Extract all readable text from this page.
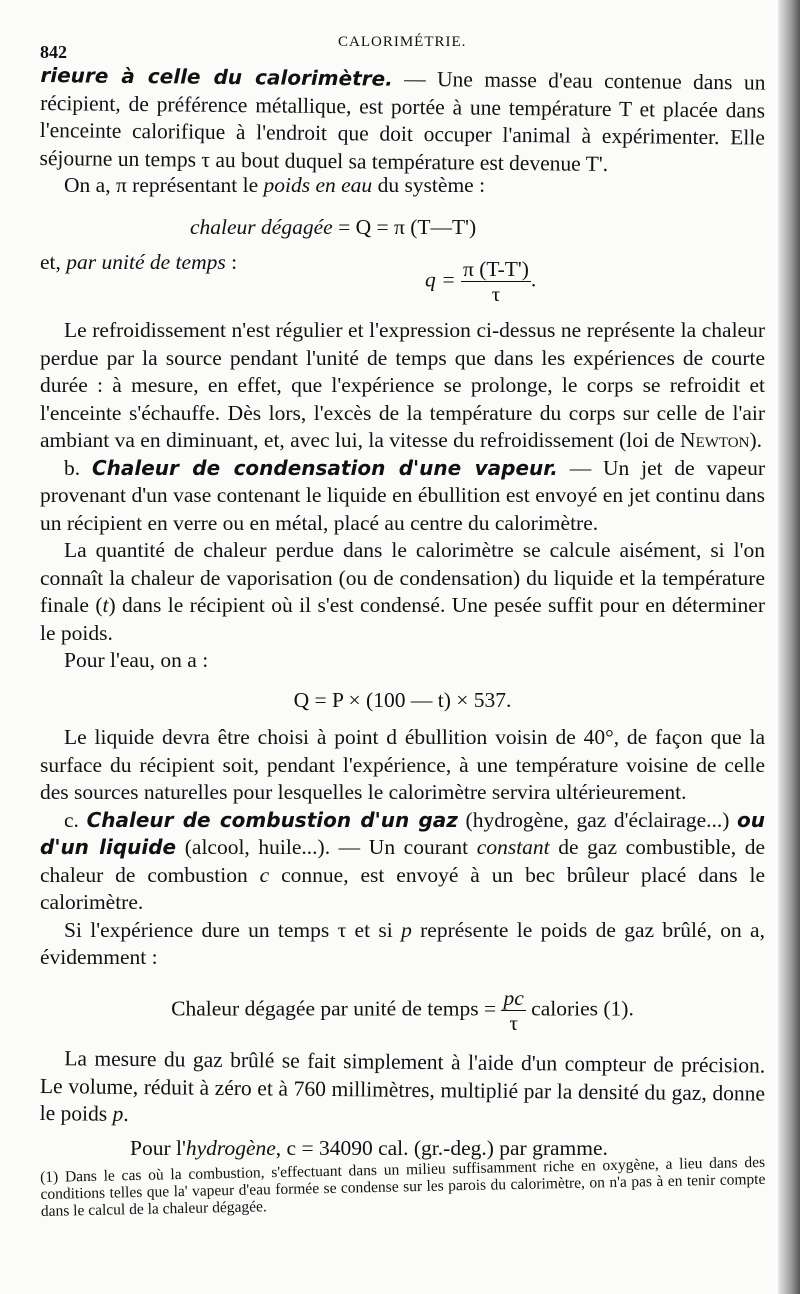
842	CALORIMÉTRIE.

rieure à celle du calorimètre. — Une masse d'eau contenue dans un récipient, de préférence métallique, est portée à une température T et placée dans l'enceinte calorifique à l'endroit que doit occuper l'animal à expérimenter. Elle séjourne un temps τ au bout duquel sa température est devenue T'.

On a, π représentant le poids en eau du système :

chaleur dégagée = Q = π (T—T')
et, par unité de temps :
$q = \frac{\pi (T-T')}{\tau}$ .

Le refroidissement n'est régulier et l'expression ci-dessus ne représente la chaleur perdue par la source pendant l'unité de temps que dans les expériences de courte durée : à mesure, en effet, que l'expérience se prolonge, le corps se refroidit et l'enceinte s'échauffe. Dès lors, l'excès de la température du corps sur celle de l'air ambiant va en diminuant, et, avec lui, la vitesse du refroidissement (loi de Newton).

b. Chaleur de condensation d'une vapeur. — Un jet de vapeur provenant d'un vase contenant le liquide en ébullition est envoyé en jet continu dans un récipient en verre ou en métal, placé au centre du calorimètre.

La quantité de chaleur perdue dans le calorimètre se calcule aisément, si l'on connaît la chaleur de vaporisation (ou de condensation) du liquide et la température finale (t) dans le récipient où il s'est condensé. Une pesée suffit pour en déterminer le poids.

Pour l'eau, on a :

Q = P × (100 — t) × 537.

Le liquide devra être choisi à point d ébullition voisin de 40°, de façon que la surface du récipient soit, pendant l'expérience, à une température voisine de celle des sources naturelles pour lesquelles le calorimètre servira ultérieurement.

c. Chaleur de combustion d'un gaz (hydrogène, gaz d'éclairage...) ou d'un liquide (alcool, huile...). — Un courant constant de gaz combustible, de chaleur de combustion c connue, est envoyé à un bec brûleur placé dans le calorimètre.

Si l'expérience dure un temps τ et si p représente le poids de gaz brûlé, on a, évidemment :

Chaleur dégagée par unité de temps = $\frac{pc}{\tau}$ calories (1).

La mesure du gaz brûlé se fait simplement à l'aide d'un compteur de précision. Le volume, réduit à zéro et à 760 millimètres, multiplié par la densité du gaz, donne le poids p.

Pour l'hydrogène, c = 34090 cal. (gr.-deg.) par gramme.

(1) Dans le cas où la combustion, s'effectuant dans un milieu suffisamment riche en oxygène, a lieu dans des conditions telles que la' vapeur d'eau formée se condense sur les parois du calorimètre, on n'a pas à en tenir compte dans le calcul de la chaleur dégagée.
